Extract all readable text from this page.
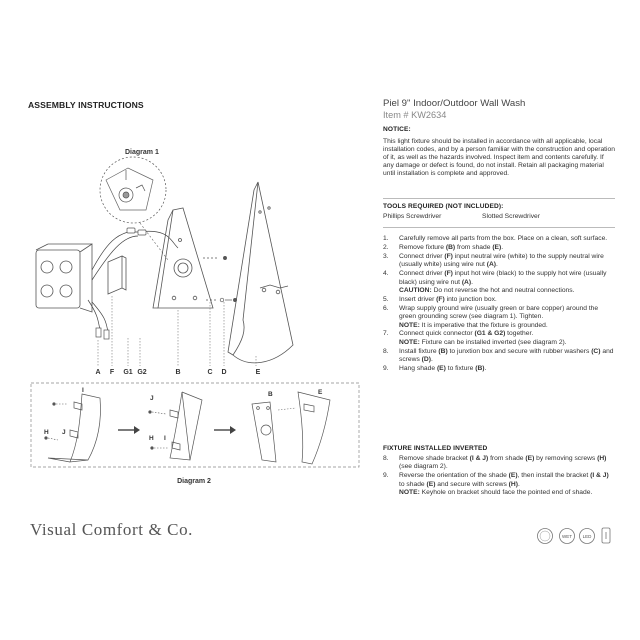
ASSEMBLY INSTRUCTIONS	Piel 9" Indoor/Outdoor Wall Wash
Item # KW2634
NOTICE:
This light fixture should be installed in accordance with all applicable, local installation codes, and by a person familiar with the construction and operation of it, as well as the hazards involved. Inspect item and contents carefully. If any damage or defect is found, do not install. Retain all packaging material until installation is complete and approved.
TOOLS REQUIRED (NOT INCLUDED):
Phillips Screwdriver	Slotted Screwdriver
1. Carefully remove all parts from the box. Place on a clean, soft surface.
2. Remove fixture (B) from shade (E).
3. Connect driver (F) input neutral wire (white) to the supply neutral wire (usually white) using wire nut (A).
4. Connect driver (F) input hot wire (black) to the supply hot wire (usually black) using wire nut (A).
CAUTION: Do not reverse the hot and neutral connections.
5. Insert driver (F) into junction box.
6. Wrap supply ground wire (usually green or bare copper) around the green grounding screw (see diagram 1). Tighten.
NOTE: It is imperative that the fixture is grounded.
7. Connect quick connector (G1 & G2) together.
NOTE: Fixture can be installed inverted (see diagram 2).
8. Install fixture (B) to junxtion box and secure with rubber washers (C) and screws (D).
9. Hang shade (E) to fixture (B).
FIXTURE INSTALLED INVERTED
8. Remove shade bracket (I & J) from shade (E) by removing screws (H) (see diagram 2).
9. Reverse the orientation of the shade (E), then install the bracket (I & J) to shade (E) and secure with screws (H).
NOTE: Keyhole on bracket should face the pointed end of shade.
Visual Comfort & Co.	WET LED
Diagram 1
A F G1 G2	B	C D	E
I
H J
J
H I
B	E
Diagram 2
